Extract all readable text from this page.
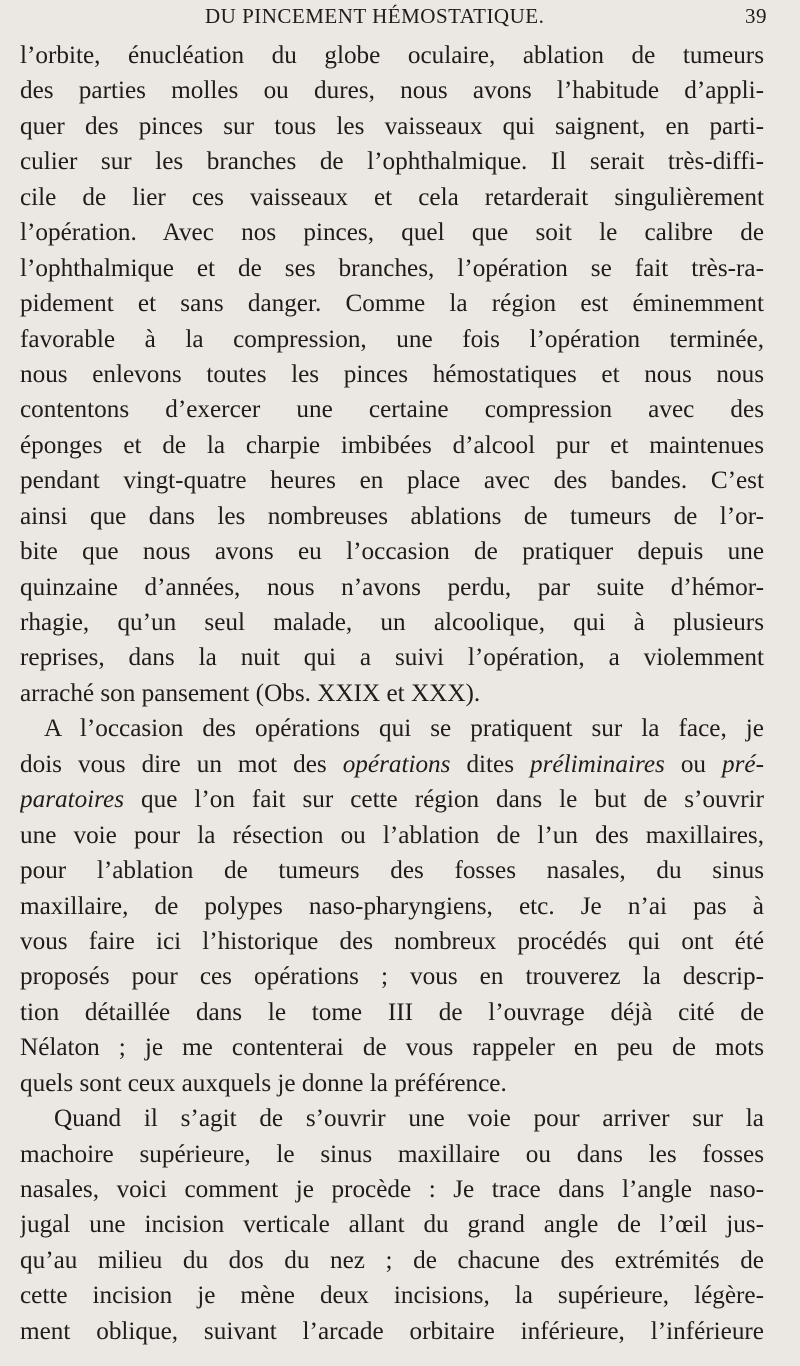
DU PINCEMENT HÉMOSTATIQUE.	39
l’orbite, énucléation du globe oculaire, ablation de tumeurs
des parties molles ou dures, nous avons l’habitude d’appli-
quer des pinces sur tous les vaisseaux qui saignent, en parti-
culier sur les branches de l’ophthalmique. Il serait très-diffi-
cile de lier ces vaisseaux et cela retarderait singulièrement
l’opération. Avec nos pinces, quel que soit le calibre de
l’ophthalmique et de ses branches, l’opération se fait très-ra-
pidement et sans danger. Comme la région est éminemment
favorable à la compression, une fois l’opération terminée,
nous enlevons toutes les pinces hémostatiques et nous nous
contentons d’exercer une certaine compression avec des
éponges et de la charpie imbibées d’alcool pur et maintenues
pendant vingt-quatre heures en place avec des bandes. C’est
ainsi que dans les nombreuses ablations de tumeurs de l’or-
bite que nous avons eu l’occasion de pratiquer depuis une
quinzaine d’années, nous n’avons perdu, par suite d’hémor-
rhagie, qu’un seul malade, un alcoolique, qui à plusieurs
reprises, dans la nuit qui a suivi l’opération, a violemment
arraché son pansement (Obs. XXIX et XXX).
A l’occasion des opérations qui se pratiquent sur la face, je
dois vous dire un mot des opérations dites préliminaires ou pré-
paratoires que l’on fait sur cette région dans le but de s’ouvrir
une voie pour la résection ou l’ablation de l’un des maxillaires,
pour l’ablation de tumeurs des fosses nasales, du sinus
maxillaire, de polypes naso-pharyngiens, etc. Je n’ai pas à
vous faire ici l’historique des nombreux procédés qui ont été
proposés pour ces opérations ; vous en trouverez la descrip-
tion détaillée dans le tome III de l’ouvrage déjà cité de
Nélaton ; je me contenterai de vous rappeler en peu de mots
quels sont ceux auxquels je donne la préférence.
Quand il s’agit de s’ouvrir une voie pour arriver sur la
machoire supérieure, le sinus maxillaire ou dans les fosses
nasales, voici comment je procède : Je trace dans l’angle naso-
jugal une incision verticale allant du grand angle de l’œil jus-
qu’au milieu du dos du nez ; de chacune des extrémités de
cette incision je mène deux incisions, la supérieure, légère-
ment oblique, suivant l’arcade orbitaire inférieure, l’inférieure
